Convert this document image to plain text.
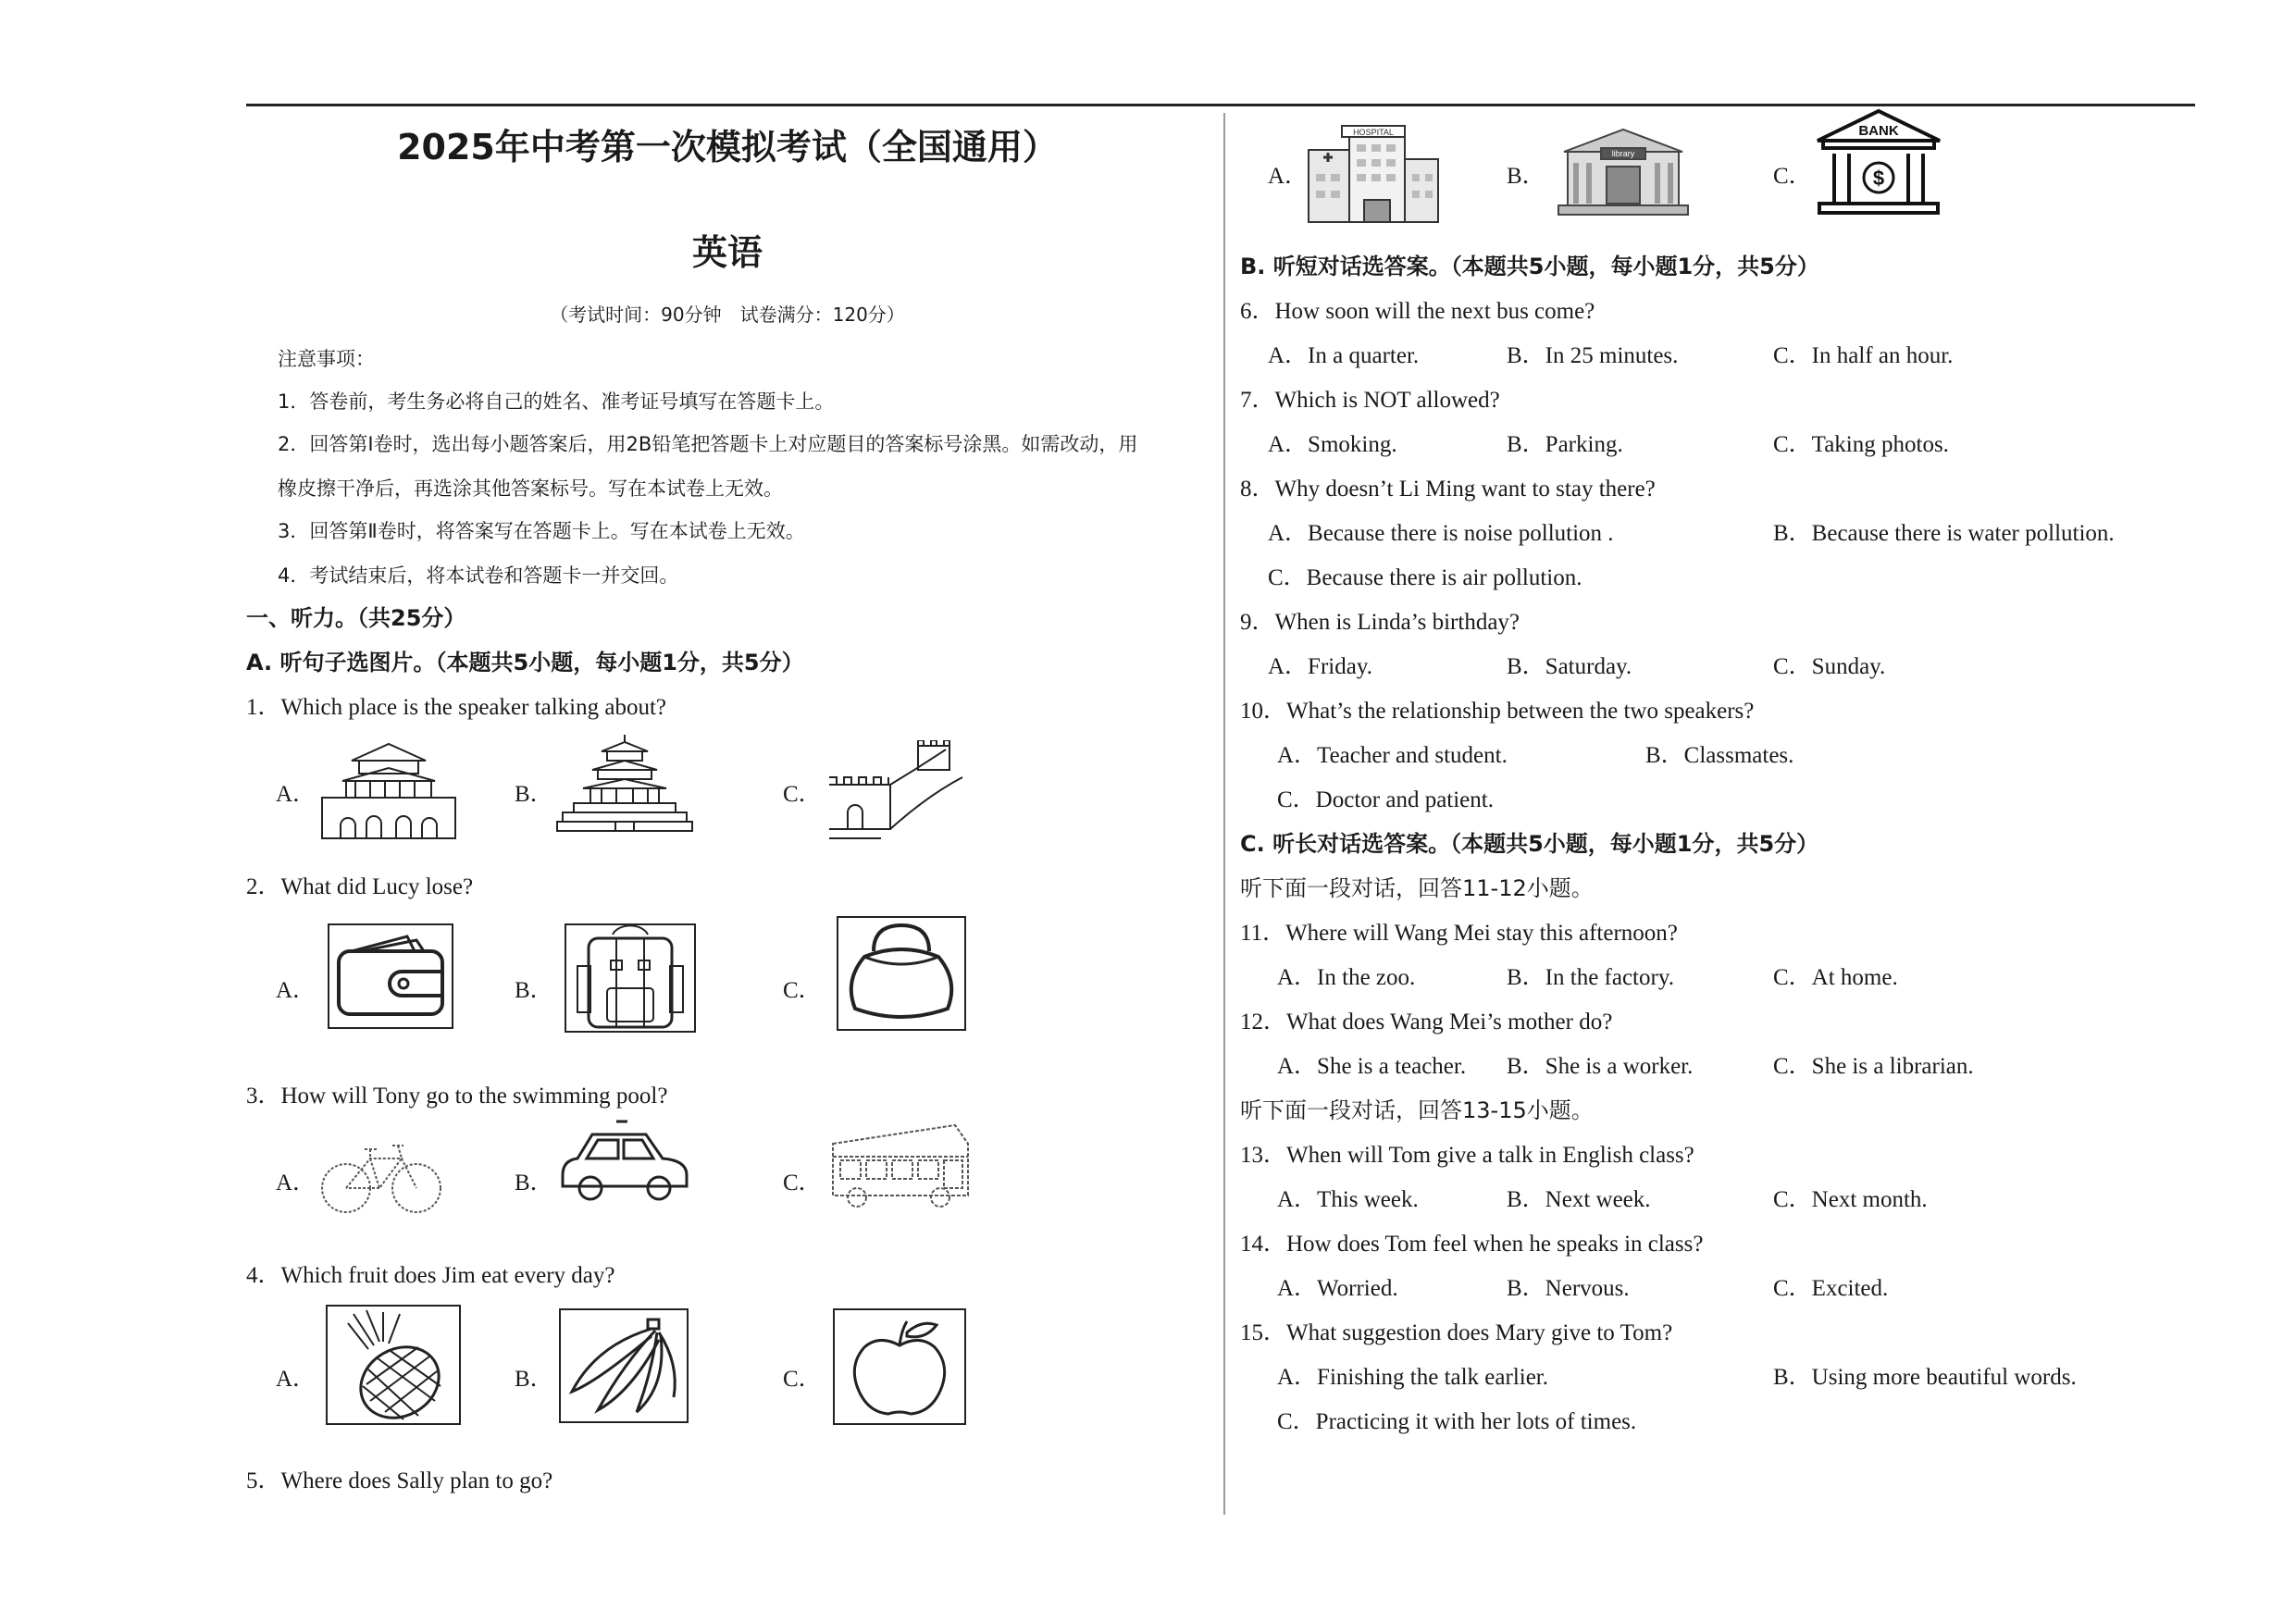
2025年中考第一次模拟考试（全国通用）
英语
（考试时间：90分钟　试卷满分：120分）
注意事项：
1．答卷前，考生务必将自己的姓名、准考证号填写在答题卡上。
2．回答第Ⅰ卷时，选出每小题答案后，用2B铅笔把答题卡上对应题目的答案标号涂黑。如需改动，用
橡皮擦干净后，再选涂其他答案标号。写在本试卷上无效。
3．回答第Ⅱ卷时，将答案写在答题卡上。写在本试卷上无效。
4．考试结束后，将本试卷和答题卡一并交回。
一、听力。（共25分）
A. 听句子选图片。（本题共5小题，每小题1分，共5分）
1．Which place is the speaker talking about?
A．	B．	C．
2．What did Lucy lose?
A．	B．	C．
3．How will Tony go to the swimming pool?
A．	B．	C．
4．Which fruit does Jim eat every day?
A．	B．	C．
5．Where does Sally plan to go?
A．
HOSPITAL
B．
library
C．
BANK
$
B. 听短对话选答案。（本题共5小题，每小题1分，共5分）
6．How soon will the next bus come?
A．In a quarter.	B．In 25 minutes.	C．In half an hour.
7．Which is NOT allowed?
A．Smoking.	B．Parking.	C．Taking photos.
8．Why doesn’t Li Ming want to stay there?
A．Because there is noise pollution .	B．Because there is water pollution.
C．Because there is air pollution.
9．When is Linda’s birthday?
A．Friday.	B．Saturday.	C．Sunday.
10．What’s the relationship between the two speakers?
A．Teacher and student.	B．Classmates.
C．Doctor and patient.
C. 听长对话选答案。（本题共5小题，每小题1分，共5分）
听下面一段对话，回答11-12小题。
11．Where will Wang Mei stay this afternoon?
A．In the zoo.	B．In the factory.	C．At home.
12．What does Wang Mei’s mother do?
A．She is a teacher. B．She is a worker.	C．She is a librarian.
听下面一段对话，回答13-15小题。
13．When will Tom give a talk in English class?
A．This week.	B．Next week.	C．Next month.
14．How does Tom feel when he speaks in class?
A．Worried.	B．Nervous.	C．Excited.
15．What suggestion does Mary give to Tom?
A．Finishing the talk earlier.	B．Using more beautiful words.
C．Practicing it with her lots of times.
